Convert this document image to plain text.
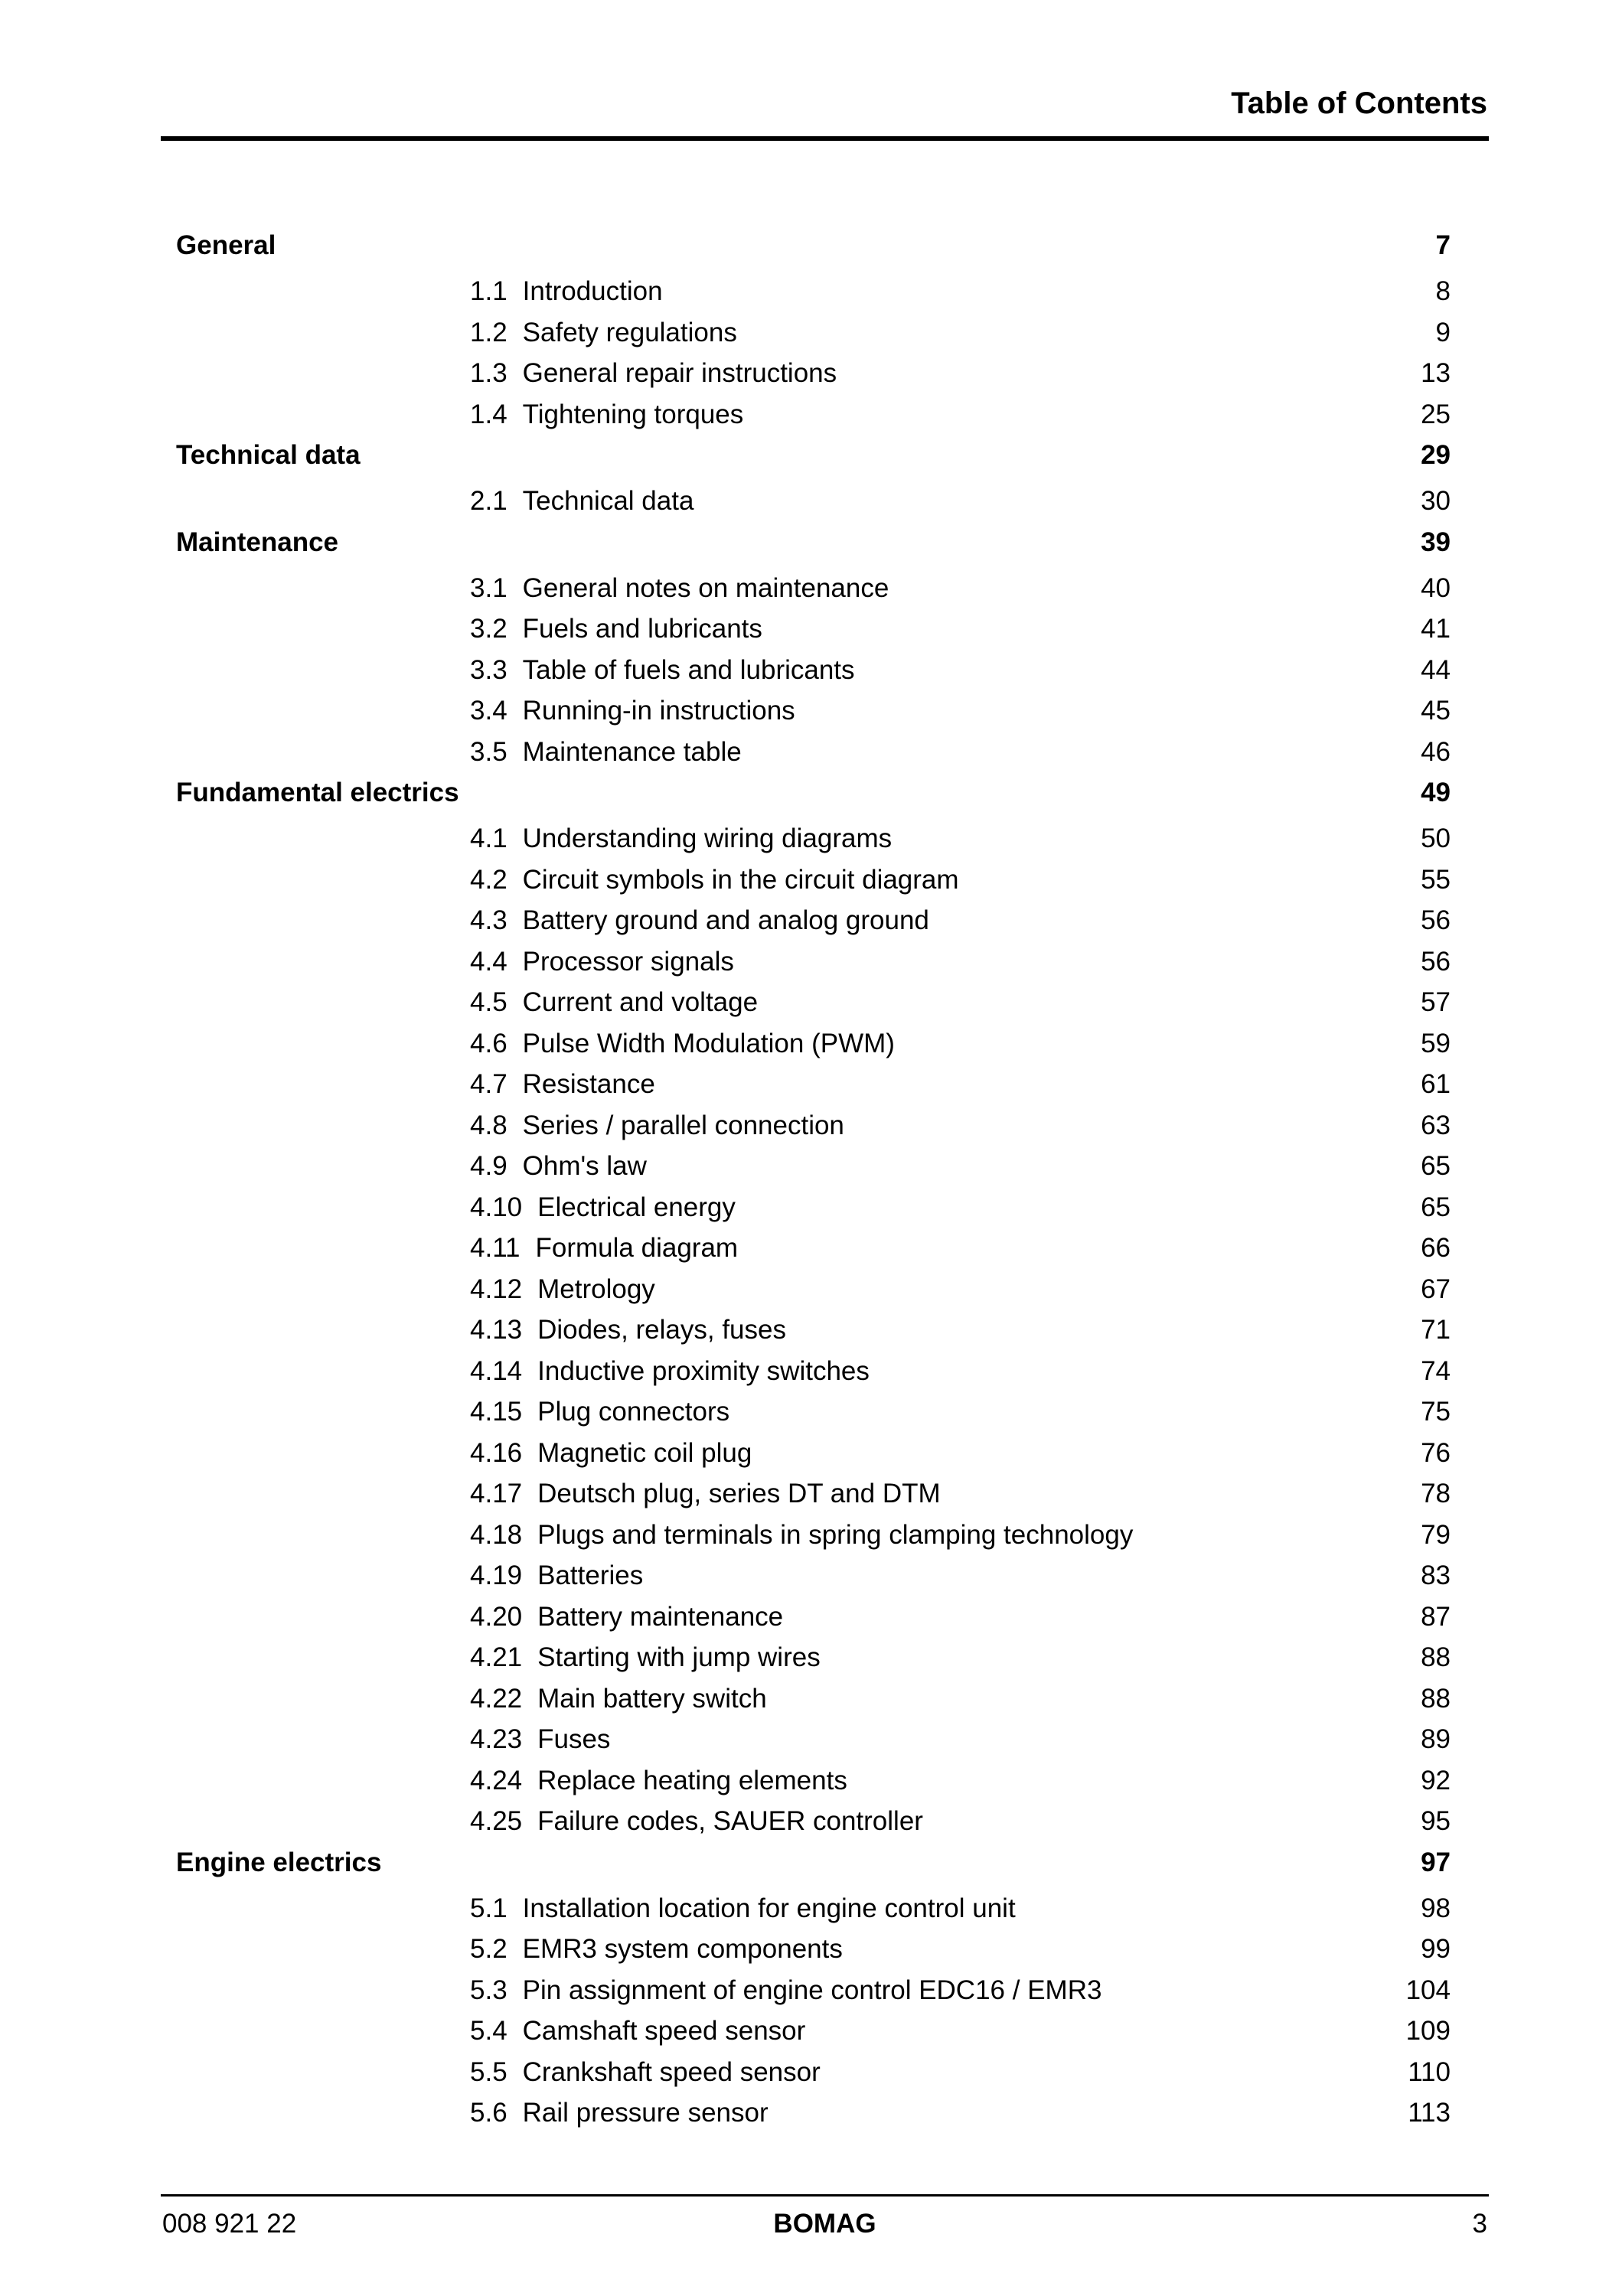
Table of Contents
General	7
1.1 Introduction	8
1.2 Safety regulations	9
1.3 General repair instructions	13
1.4 Tightening torques	25
Technical data	29
2.1 Technical data	30
Maintenance	39
3.1 General notes on maintenance	40
3.2 Fuels and lubricants	41
3.3 Table of fuels and lubricants	44
3.4 Running-in instructions	45
3.5 Maintenance table	46
Fundamental electrics	49
4.1 Understanding wiring diagrams	50
4.2 Circuit symbols in the circuit diagram	55
4.3 Battery ground and analog ground	56
4.4 Processor signals	56
4.5 Current and voltage	57
4.6 Pulse Width Modulation (PWM)	59
4.7 Resistance	61
4.8 Series / parallel connection	63
4.9 Ohm's law	65
4.10 Electrical energy	65
4.11 Formula diagram	66
4.12 Metrology	67
4.13 Diodes, relays, fuses	71
4.14 Inductive proximity switches	74
4.15 Plug connectors	75
4.16 Magnetic coil plug	76
4.17 Deutsch plug, series DT and DTM	78
4.18 Plugs and terminals in spring clamping technology	79
4.19 Batteries	83
4.20 Battery maintenance	87
4.21 Starting with jump wires	88
4.22 Main battery switch	88
4.23 Fuses	89
4.24 Replace heating elements	92
4.25 Failure codes, SAUER controller	95
Engine electrics	97
5.1 Installation location for engine control unit	98
5.2 EMR3 system components	99
5.3 Pin assignment of engine control EDC16 / EMR3	104
5.4 Camshaft speed sensor	109
5.5 Crankshaft speed sensor	110
5.6 Rail pressure sensor	113
008 921 22	BOMAG	3
